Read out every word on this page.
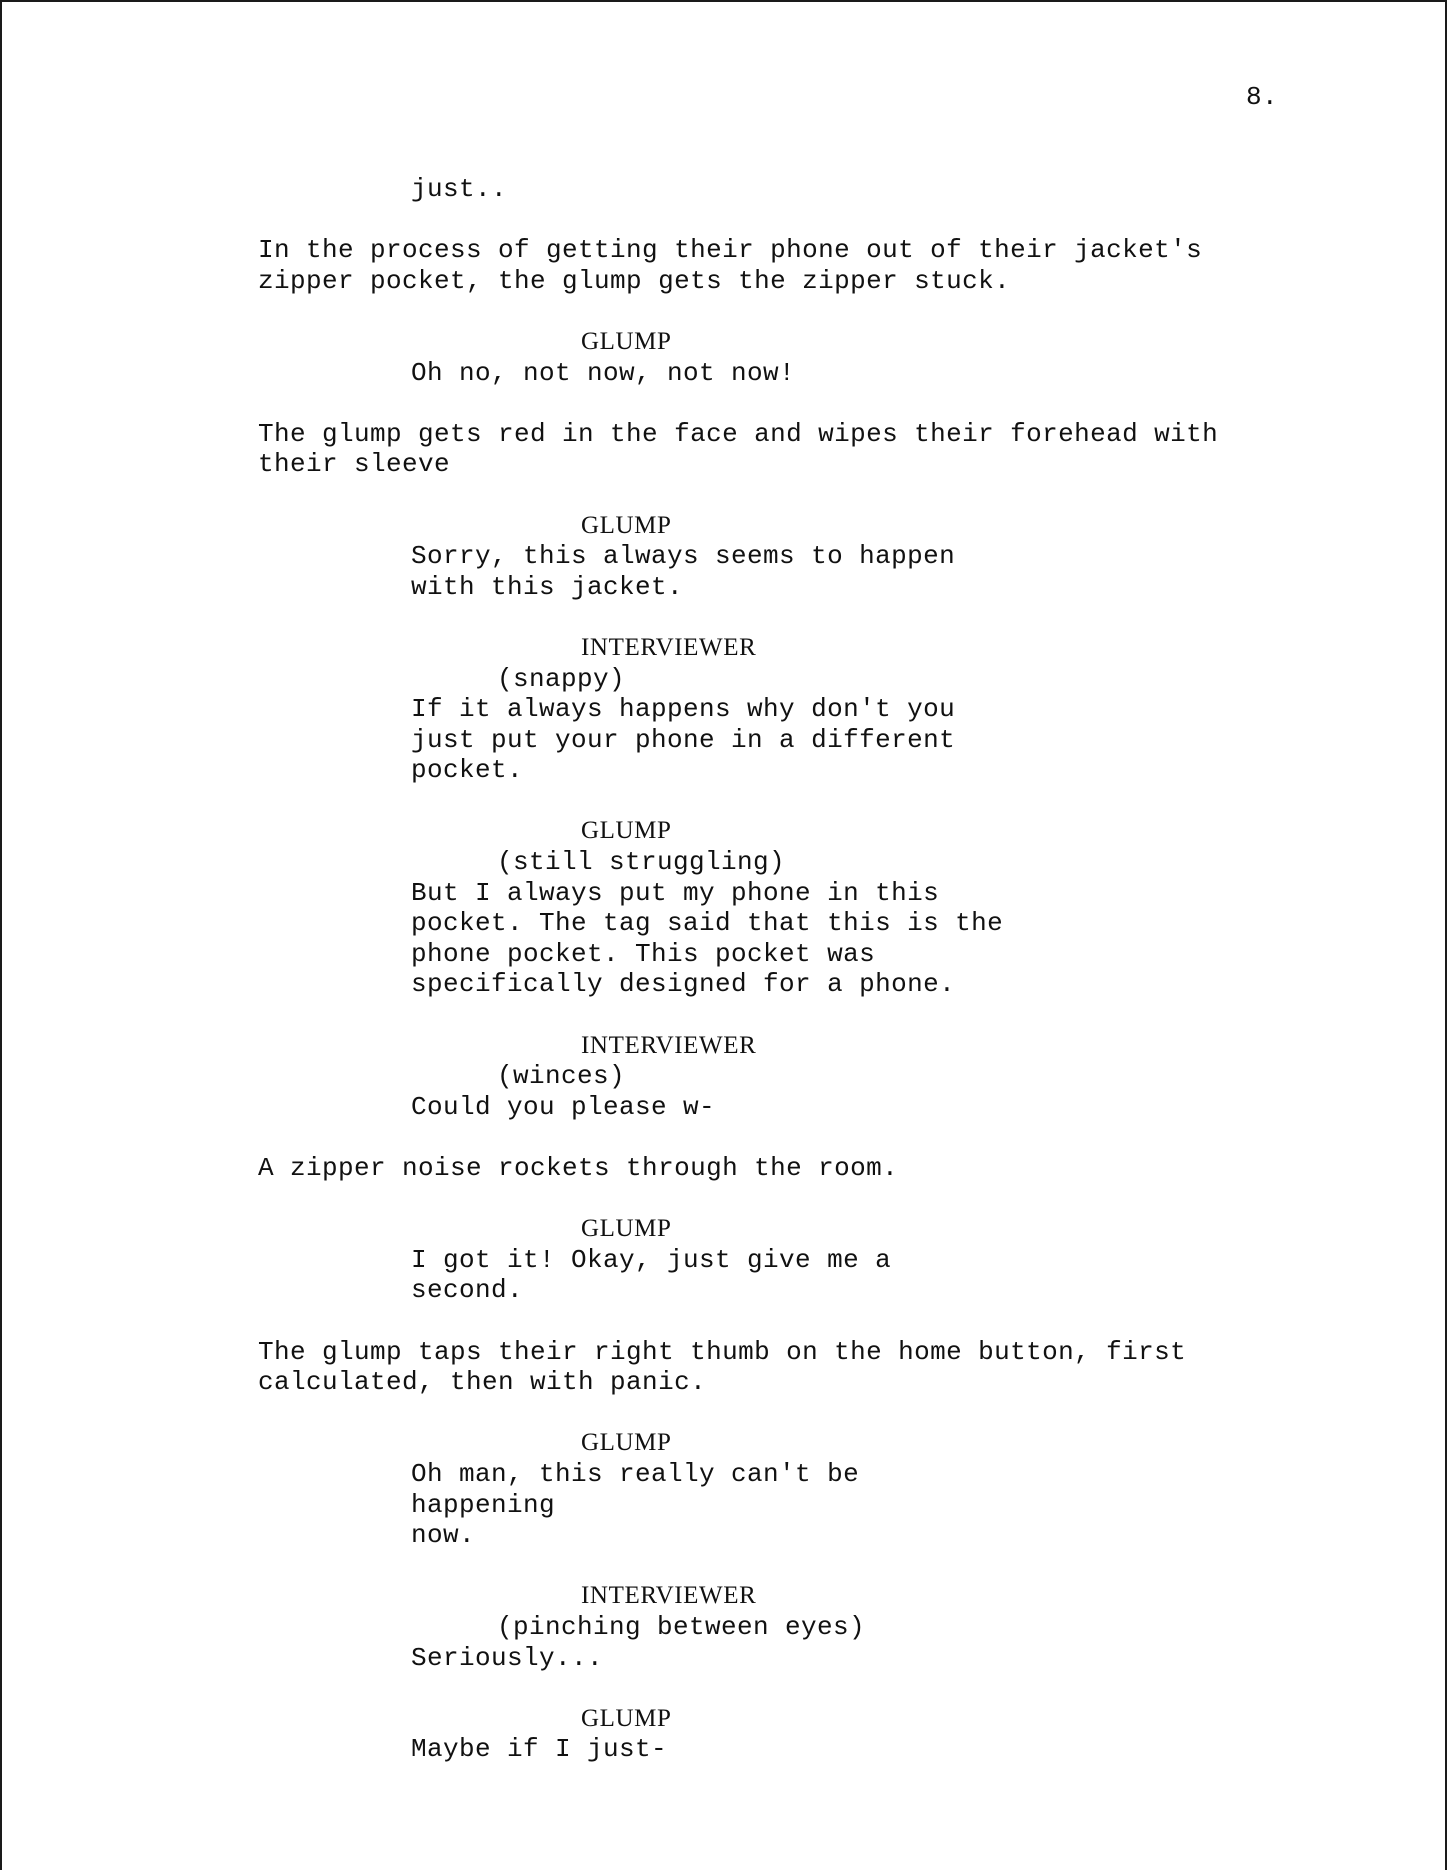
8.

just..

In the process of getting their phone out of their jacket's
zipper pocket, the glump gets the zipper stuck.

GLUMP

Oh no, not now, not now!

The glump gets red in the face and wipes their forehead with
their sleeve

GLUMP

Sorry, this always seems to happen
with this jacket.

INTERVIEWER

(snappy)

If it always happens why don't you
just put your phone in a different
pocket.

GLUMP

(still struggling)

But I always put my phone in this
pocket. The tag said that this is the
phone pocket. This pocket was
specifically designed for a phone.

INTERVIEWER

(winces)

Could you please w-

A zipper noise rockets through the room.

GLUMP

I got it! Okay, just give me a second.

The glump taps their right thumb on the home button, first
calculated, then with panic.

GLUMP

Oh man, this really can't be happening
now.

INTERVIEWER

(pinching between eyes)

Seriously...

GLUMP

Maybe if I just-
